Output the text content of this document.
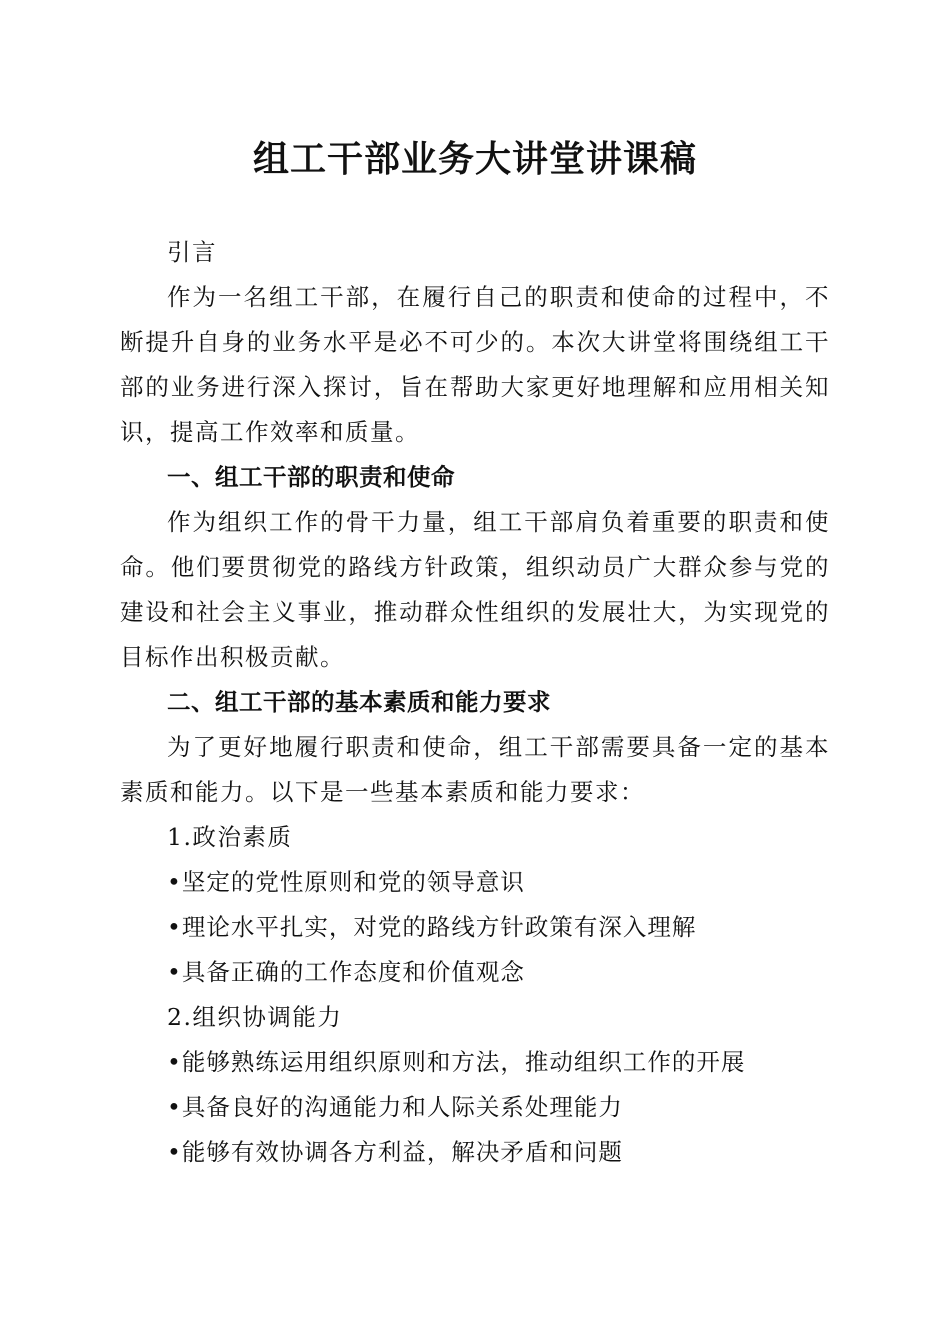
组工干部业务大讲堂讲课稿

引言

作为一名组工干部，在履行自己的职责和使命的过程中，不断提升自身的业务水平是必不可少的。本次大讲堂将围绕组工干部的业务进行深入探讨，旨在帮助大家更好地理解和应用相关知识，提高工作效率和质量。

一、组工干部的职责和使命

作为组织工作的骨干力量，组工干部肩负着重要的职责和使命。他们要贯彻党的路线方针政策，组织动员广大群众参与党的建设和社会主义事业，推动群众性组织的发展壮大，为实现党的目标作出积极贡献。

二、组工干部的基本素质和能力要求

为了更好地履行职责和使命，组工干部需要具备一定的基本素质和能力。以下是一些基本素质和能力要求：

1.政治素质

•坚定的党性原则和党的领导意识

•理论水平扎实，对党的路线方针政策有深入理解

•具备正确的工作态度和价值观念

2.组织协调能力

•能够熟练运用组织原则和方法，推动组织工作的开展

•具备良好的沟通能力和人际关系处理能力

•能够有效协调各方利益，解决矛盾和问题
